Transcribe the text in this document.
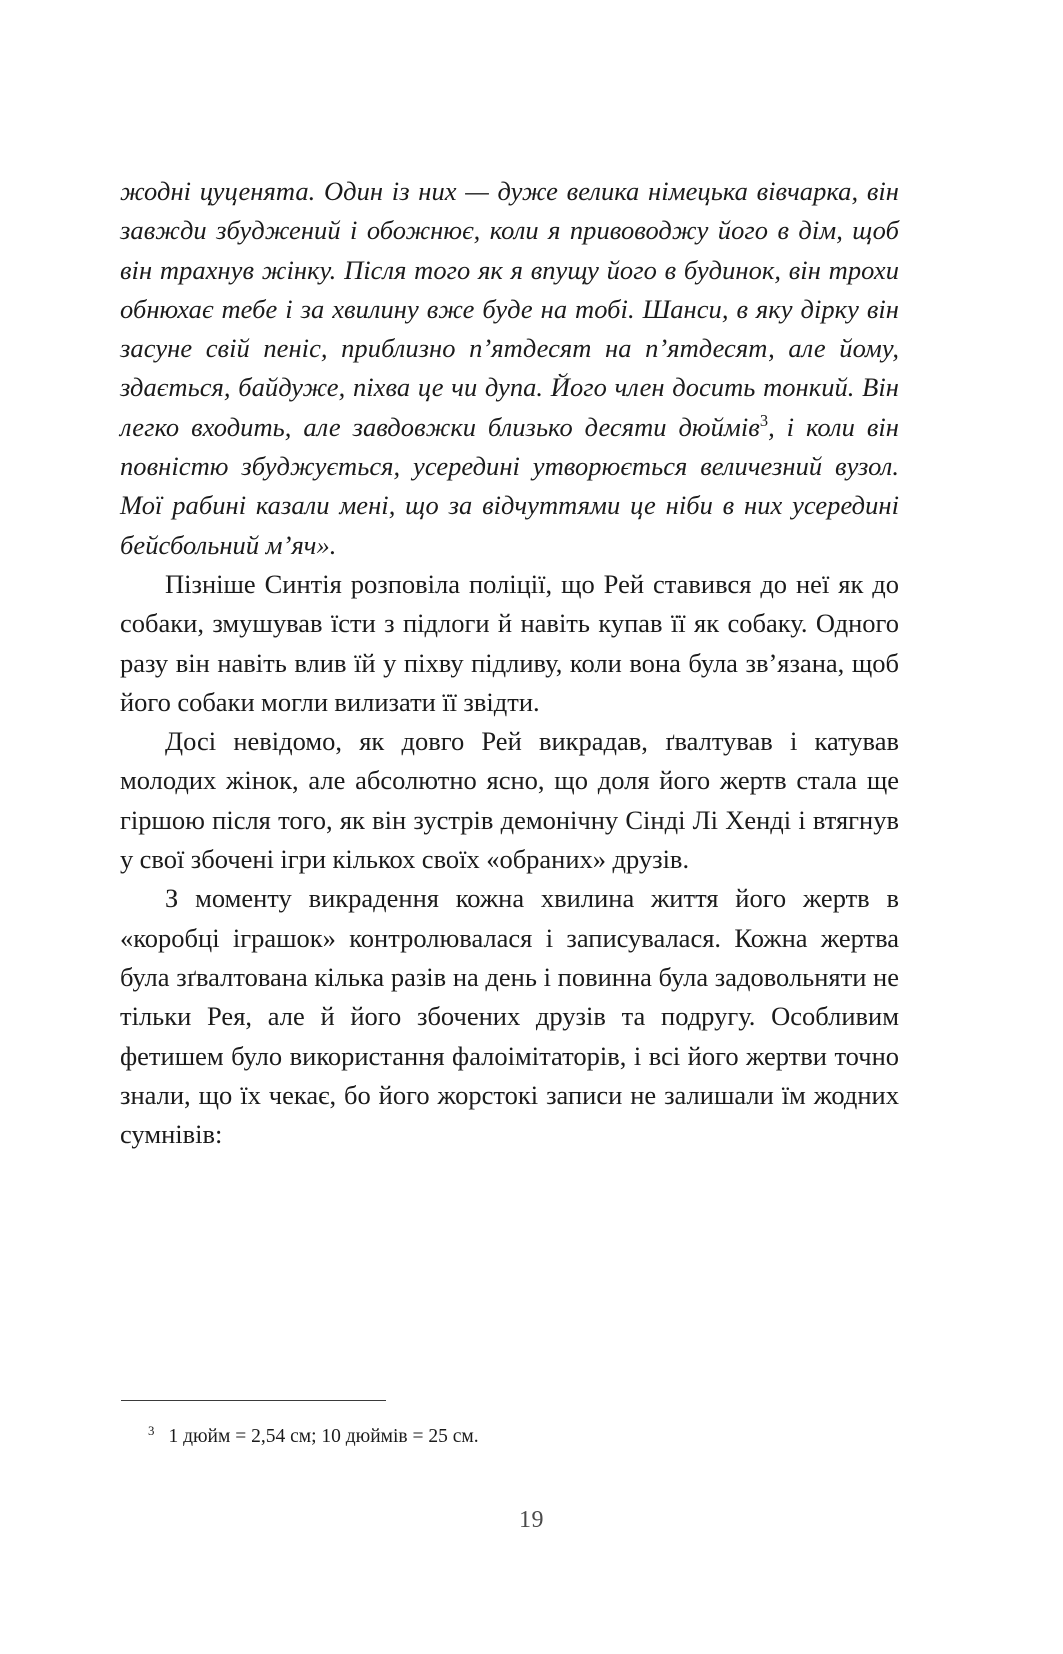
жодні цуценята. Один із них — дуже велика німецька вівчарка, він завжди збуджений і обожнює, коли я привоводжу його в дім, щоб він трахнув жінку. Після того як я впущу його в будинок, він трохи обнюхає тебе і за хвилину вже буде на тобі. Шанси, в яку дірку він засуне свій пеніс, приблизно п’ятдесят на п’ятдесят, але йому, здається, байдуже, піхва це чи дупа. Його член досить тонкий. Він легко входить, але завдовжки близько десяти дюймів$^3$, і коли він повністю збуджується, усередині утворюється величезний вузол. Мої рабині казали мені, що за відчуттями це ніби в них усередині бейсбольний м’яч».

Пізніше Синтія розповіла поліції, що Рей ставився до неї як до собаки, змушував їсти з підлоги й навіть купав її як собаку. Одного разу він навіть влив їй у піхву підливу, коли вона була зв’язана, щоб його собаки могли вилизати її звідти.

Досі невідомо, як довго Рей викрадав, ґвалтував і катував молодих жінок, але абсолютно ясно, що доля його жертв стала ще гіршою після того, як він зустрів демонічну Сінді Лі Хенді і втягнув у свої збочені ігри кількох своїх «обраних» друзів.

З моменту викрадення кожна хвилина життя його жертв в «коробці іграшок» контролювалася і записувалася. Кожна жертва була зґвалтована кілька разів на день і повинна була задовольняти не тільки Рея, але й його збочених друзів та подругу. Особливим фетишем було використання фалоімітаторів, і всі його жертви точно знали, що їх чекає, бо його жорстокі записи не залишали їм жодних сумнівів:

$^3$ 1 дюйм = 2,54 см; 10 дюймів = 25 см.

19
